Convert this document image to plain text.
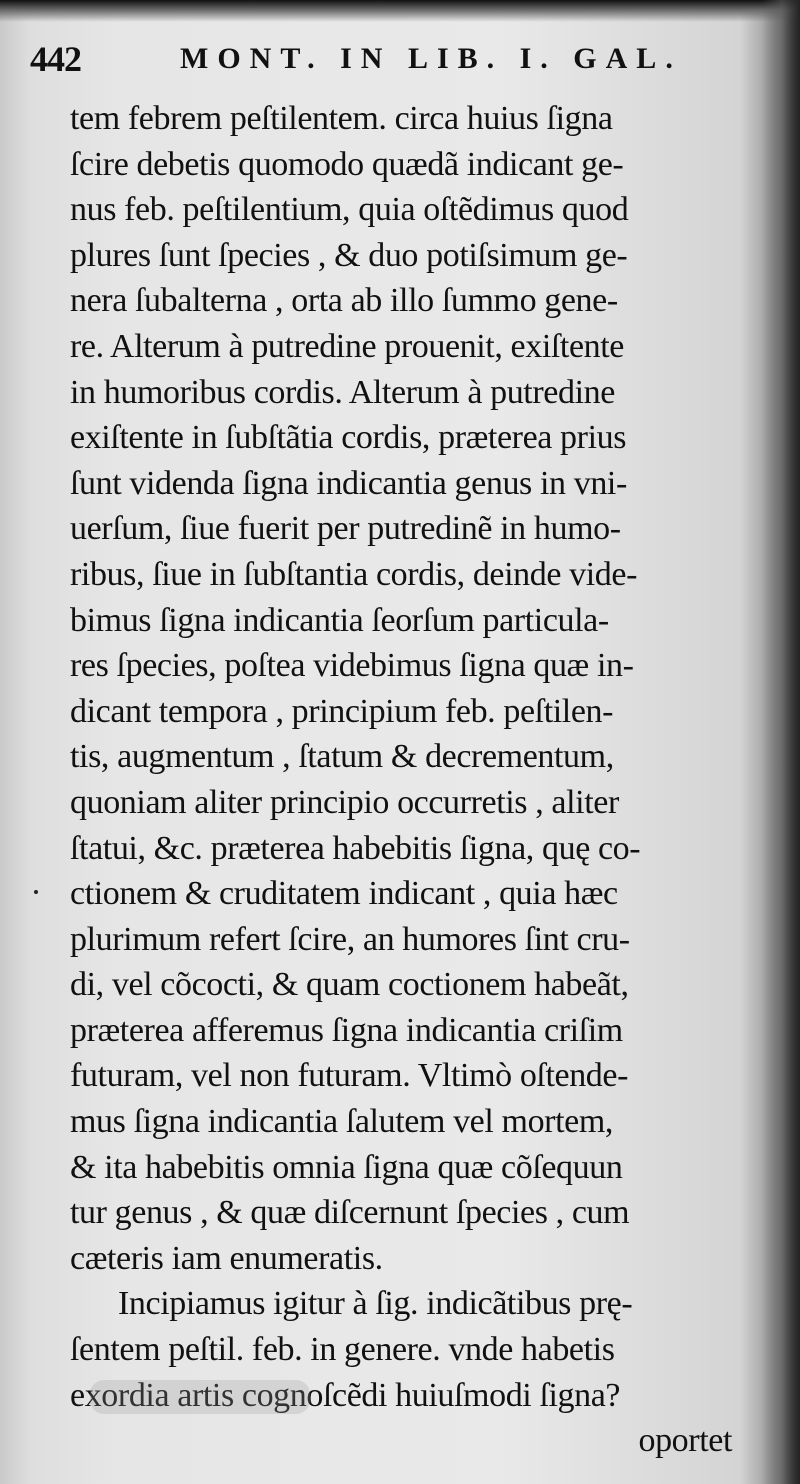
442	MONT. IN LIB. I. GAL.
tem febrem peſtilentem. circa huius ſigna
ſcire debetis quomodo quædã indicant ge-
nus feb. peſtilentium, quia oſtẽdimus quod
plures ſunt ſpecies , & duo potiſsimum ge-
nera ſubalterna , orta ab illo ſummo gene-
re. Alterum à putredine prouenit, exiſtente
in humoribus cordis. Alterum à putredine
exiſtente in ſubſtãtia cordis, præterea prius
ſunt videnda ſigna indicantia genus in vni-
uerſum, ſiue fuerit per putredinẽ in humo-
ribus, ſiue in ſubſtantia cordis, deinde vide-
bimus ſigna indicantia ſeorſum particula-
res ſpecies, poſtea videbimus ſigna quæ in-
dicant tempora , principium feb. peſtilen-
tis, augmentum , ſtatum & decrementum,
quoniam aliter principio occurretis , aliter
ſtatui, &c. præterea habebitis ſigna, quę co-
ctionem & cruditatem indicant , quia hæc
plurimum refert ſcire, an humores ſint cru-
di, vel cõcocti, & quam coctionem habeãt,
præterea afferemus ſigna indicantia criſim
futuram, vel non futuram. Vltimò oſtende-
mus ſigna indicantia ſalutem vel mortem,
& ita habebitis omnia ſigna quæ cõſequun
tur genus , & quæ diſcernunt ſpecies , cum
cæteris iam enumeratis.
Incipiamus igitur à ſig. indicãtibus prę-
ſentem peſtil. feb. in genere. vnde habetis
exordia artis cognoſcẽdi huiuſmodi ſigna?
oportet
